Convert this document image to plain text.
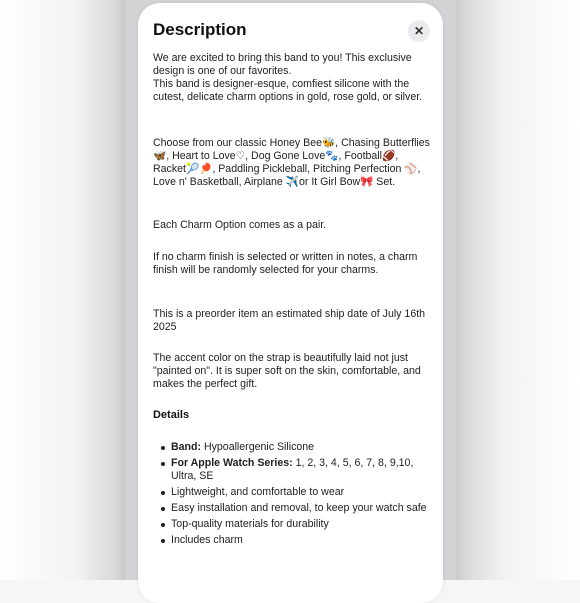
Description	✕

We are excited to bring this band to you! This exclusive design is one of our favorites.
This band is designer-esque, comfiest silicone with the cutest, delicate charm options in gold, rose gold, or silver.

Choose from our classic Honey Bee🐝, Chasing Butterflies🦋, Heart to Love♡, Dog Gone Love🐾, Football🏈, Racket🎾🏓, Paddling Pickleball, Pitching Perfection ⚾, Love n' Basketball, Airplane ✈️or It Girl Bow🎀 Set.

Each Charm Option comes as a pair.

If no charm finish is selected or written in notes, a charm finish will be randomly selected for your charms.

This is a preorder item an estimated ship date of July 16th 2025

The accent color on the strap is beautifully laid not just "painted on". It is super soft on the skin, comfortable, and makes the perfect gift.

Details
Band: Hypoallergenic Silicone
For Apple Watch Series: 1, 2, 3, 4, 5, 6, 7, 8, 9,10, Ultra, SE
Lightweight, and comfortable to wear
Easy installation and removal, to keep your watch safe
Top-quality materials for durability
Includes charm
